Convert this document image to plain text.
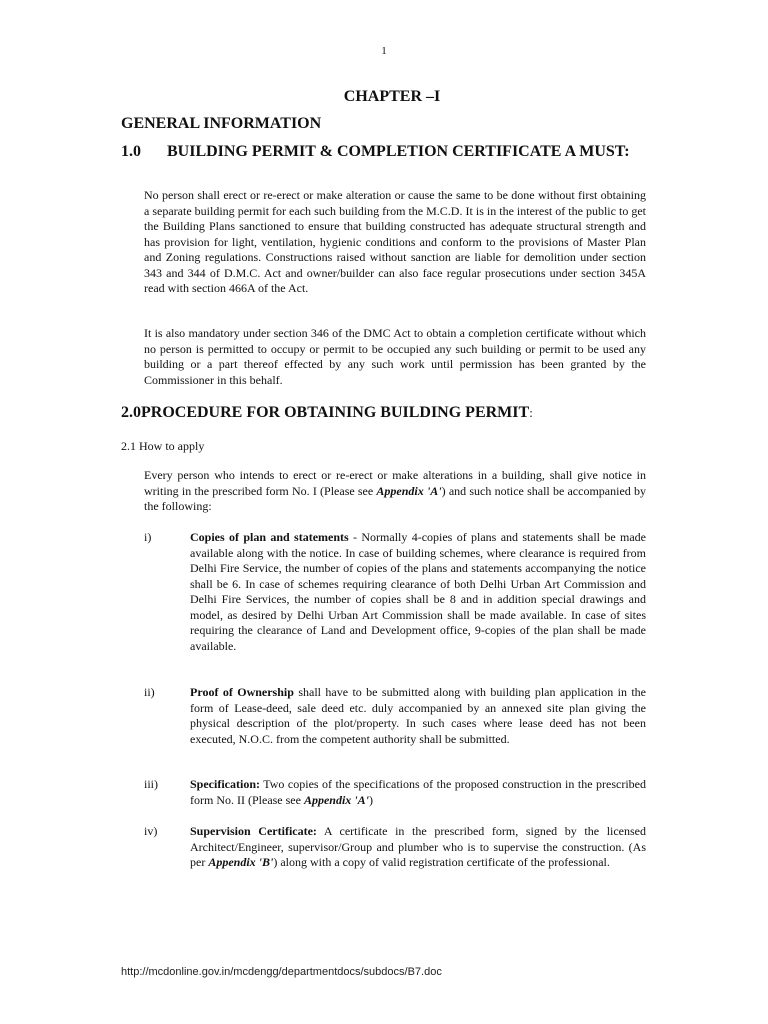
1
CHAPTER –I
GENERAL INFORMATION
1.0 BUILDING PERMIT & COMPLETION CERTIFICATE A MUST:
No person shall erect or re-erect or make alteration or cause the same to be done without first obtaining a separate building permit for each such building from the M.C.D. It is in the interest of the public to get the Building Plans sanctioned to ensure that building constructed has adequate structural strength and has provision for light, ventilation, hygienic conditions and conform to the provisions of Master Plan and Zoning regulations. Constructions raised without sanction are liable for demolition under section 343 and 344 of D.M.C. Act and owner/builder can also face regular prosecutions under section 345A read with section 466A of the Act.
It is also mandatory under section 346 of the DMC Act to obtain a completion certificate without which no person is permitted to occupy or permit to be occupied any such building or permit to be used any building or a part thereof effected by any such work until permission has been granted by the Commissioner in this behalf.
2.0PROCEDURE FOR OBTAINING BUILDING PERMIT:
2.1 How to apply
Every person who intends to erect or re-erect or make alterations in a building, shall give notice in writing in the prescribed form No. I (Please see Appendix 'A') and such notice shall be accompanied by the following:
i)	Copies of plan and statements - Normally 4-copies of plans and statements shall be made available along with the notice. In case of building schemes, where clearance is required from Delhi Fire Service, the number of copies of the plans and statements accompanying the notice shall be 6. In case of schemes requiring clearance of both Delhi Urban Art Commission and Delhi Fire Services, the number of copies shall be 8 and in addition special drawings and model, as desired by Delhi Urban Art Commission shall be made available. In case of sites requiring the clearance of Land and Development office, 9-copies of the plan shall be made available.
ii)	Proof of Ownership shall have to be submitted along with building plan application in the form of Lease-deed, sale deed etc. duly accompanied by an annexed site plan giving the physical description of the plot/property. In such cases where lease deed has not been executed, N.O.C. from the competent authority shall be submitted.
iii)	Specification: Two copies of the specifications of the proposed construction in the prescribed form No. II (Please see Appendix 'A')
iv)	Supervision Certificate: A certificate in the prescribed form, signed by the licensed Architect/Engineer, supervisor/Group and plumber who is to supervise the construction. (As per Appendix 'B') along with a copy of valid registration certificate of the professional.
http://mcdonline.gov.in/mcdengg/departmentdocs/subdocs/B7.doc
